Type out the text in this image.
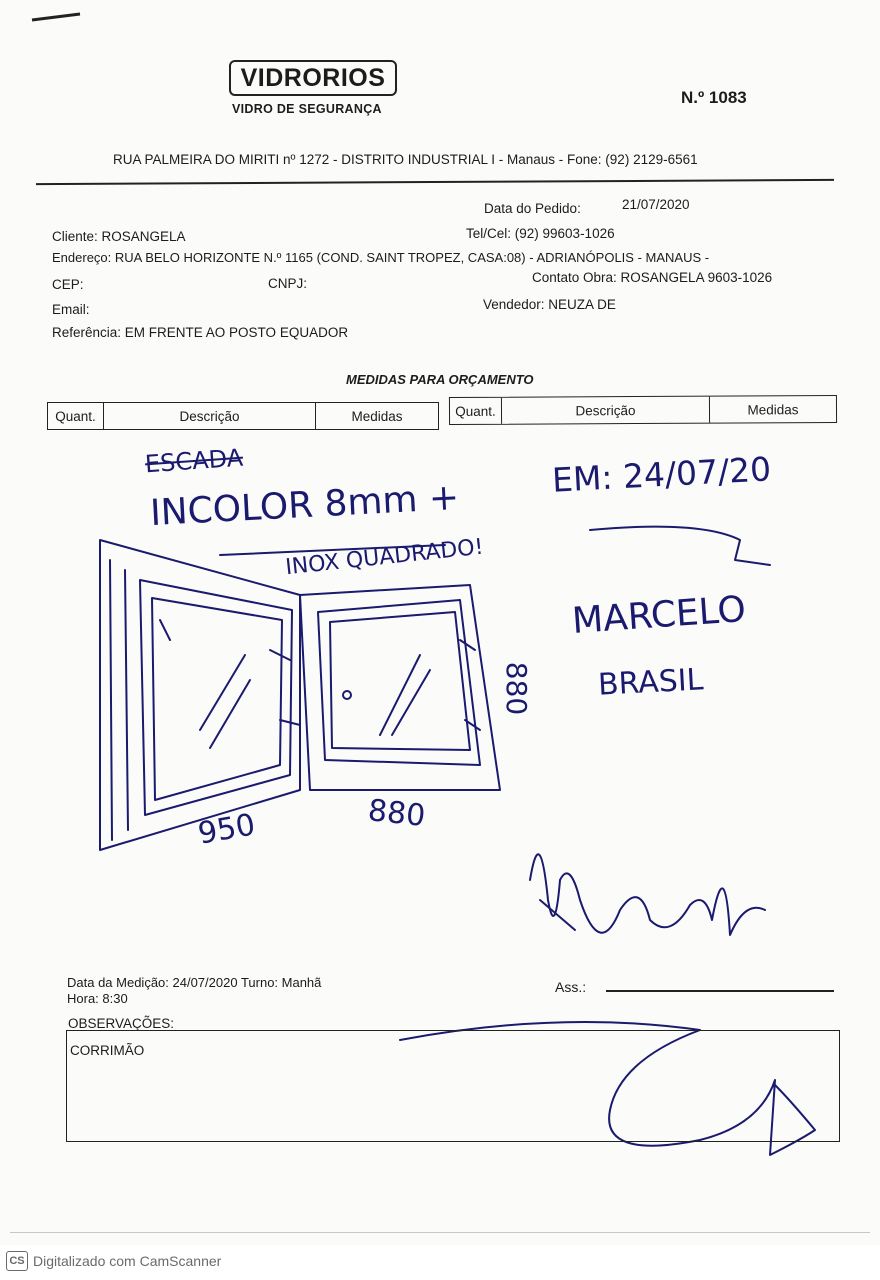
VIDRORIOS
VIDRO DE SEGURANÇA
N.º 1083
RUA PALMEIRA DO MIRITI nº 1272 - DISTRITO INDUSTRIAL I - Manaus - Fone: (92) 2129-6561
Data do Pedido:	21/07/2020
Cliente: ROSANGELA	Tel/Cel: (92) 99603-1026
Endereço: RUA BELO HORIZONTE N.º 1165 (COND. SAINT TROPEZ, CASA:08) - ADRIANÓPOLIS - MANAUS -
CEP:	CNPJ:	Contato Obra: ROSANGELA 9603-1026
Email:	Vendedor: NEUZA DE
Referência: EM FRENTE AO POSTO EQUADOR
MEDIDAS PARA ORÇAMENTO
Quant.	Descrição	Medidas	Quant.	Descrição	Medidas
ESCADA
INCOLOR 8mm +
INOX QUADRADO!
EM: 24/07/20
MARCELO
BRASIL
950	880
880
Data da Medição: 24/07/2020 Turno: Manhã
Hora: 8:30
Ass.:
OBSERVAÇÕES:
CORRIMÃO
CS Digitalizado com CamScanner
